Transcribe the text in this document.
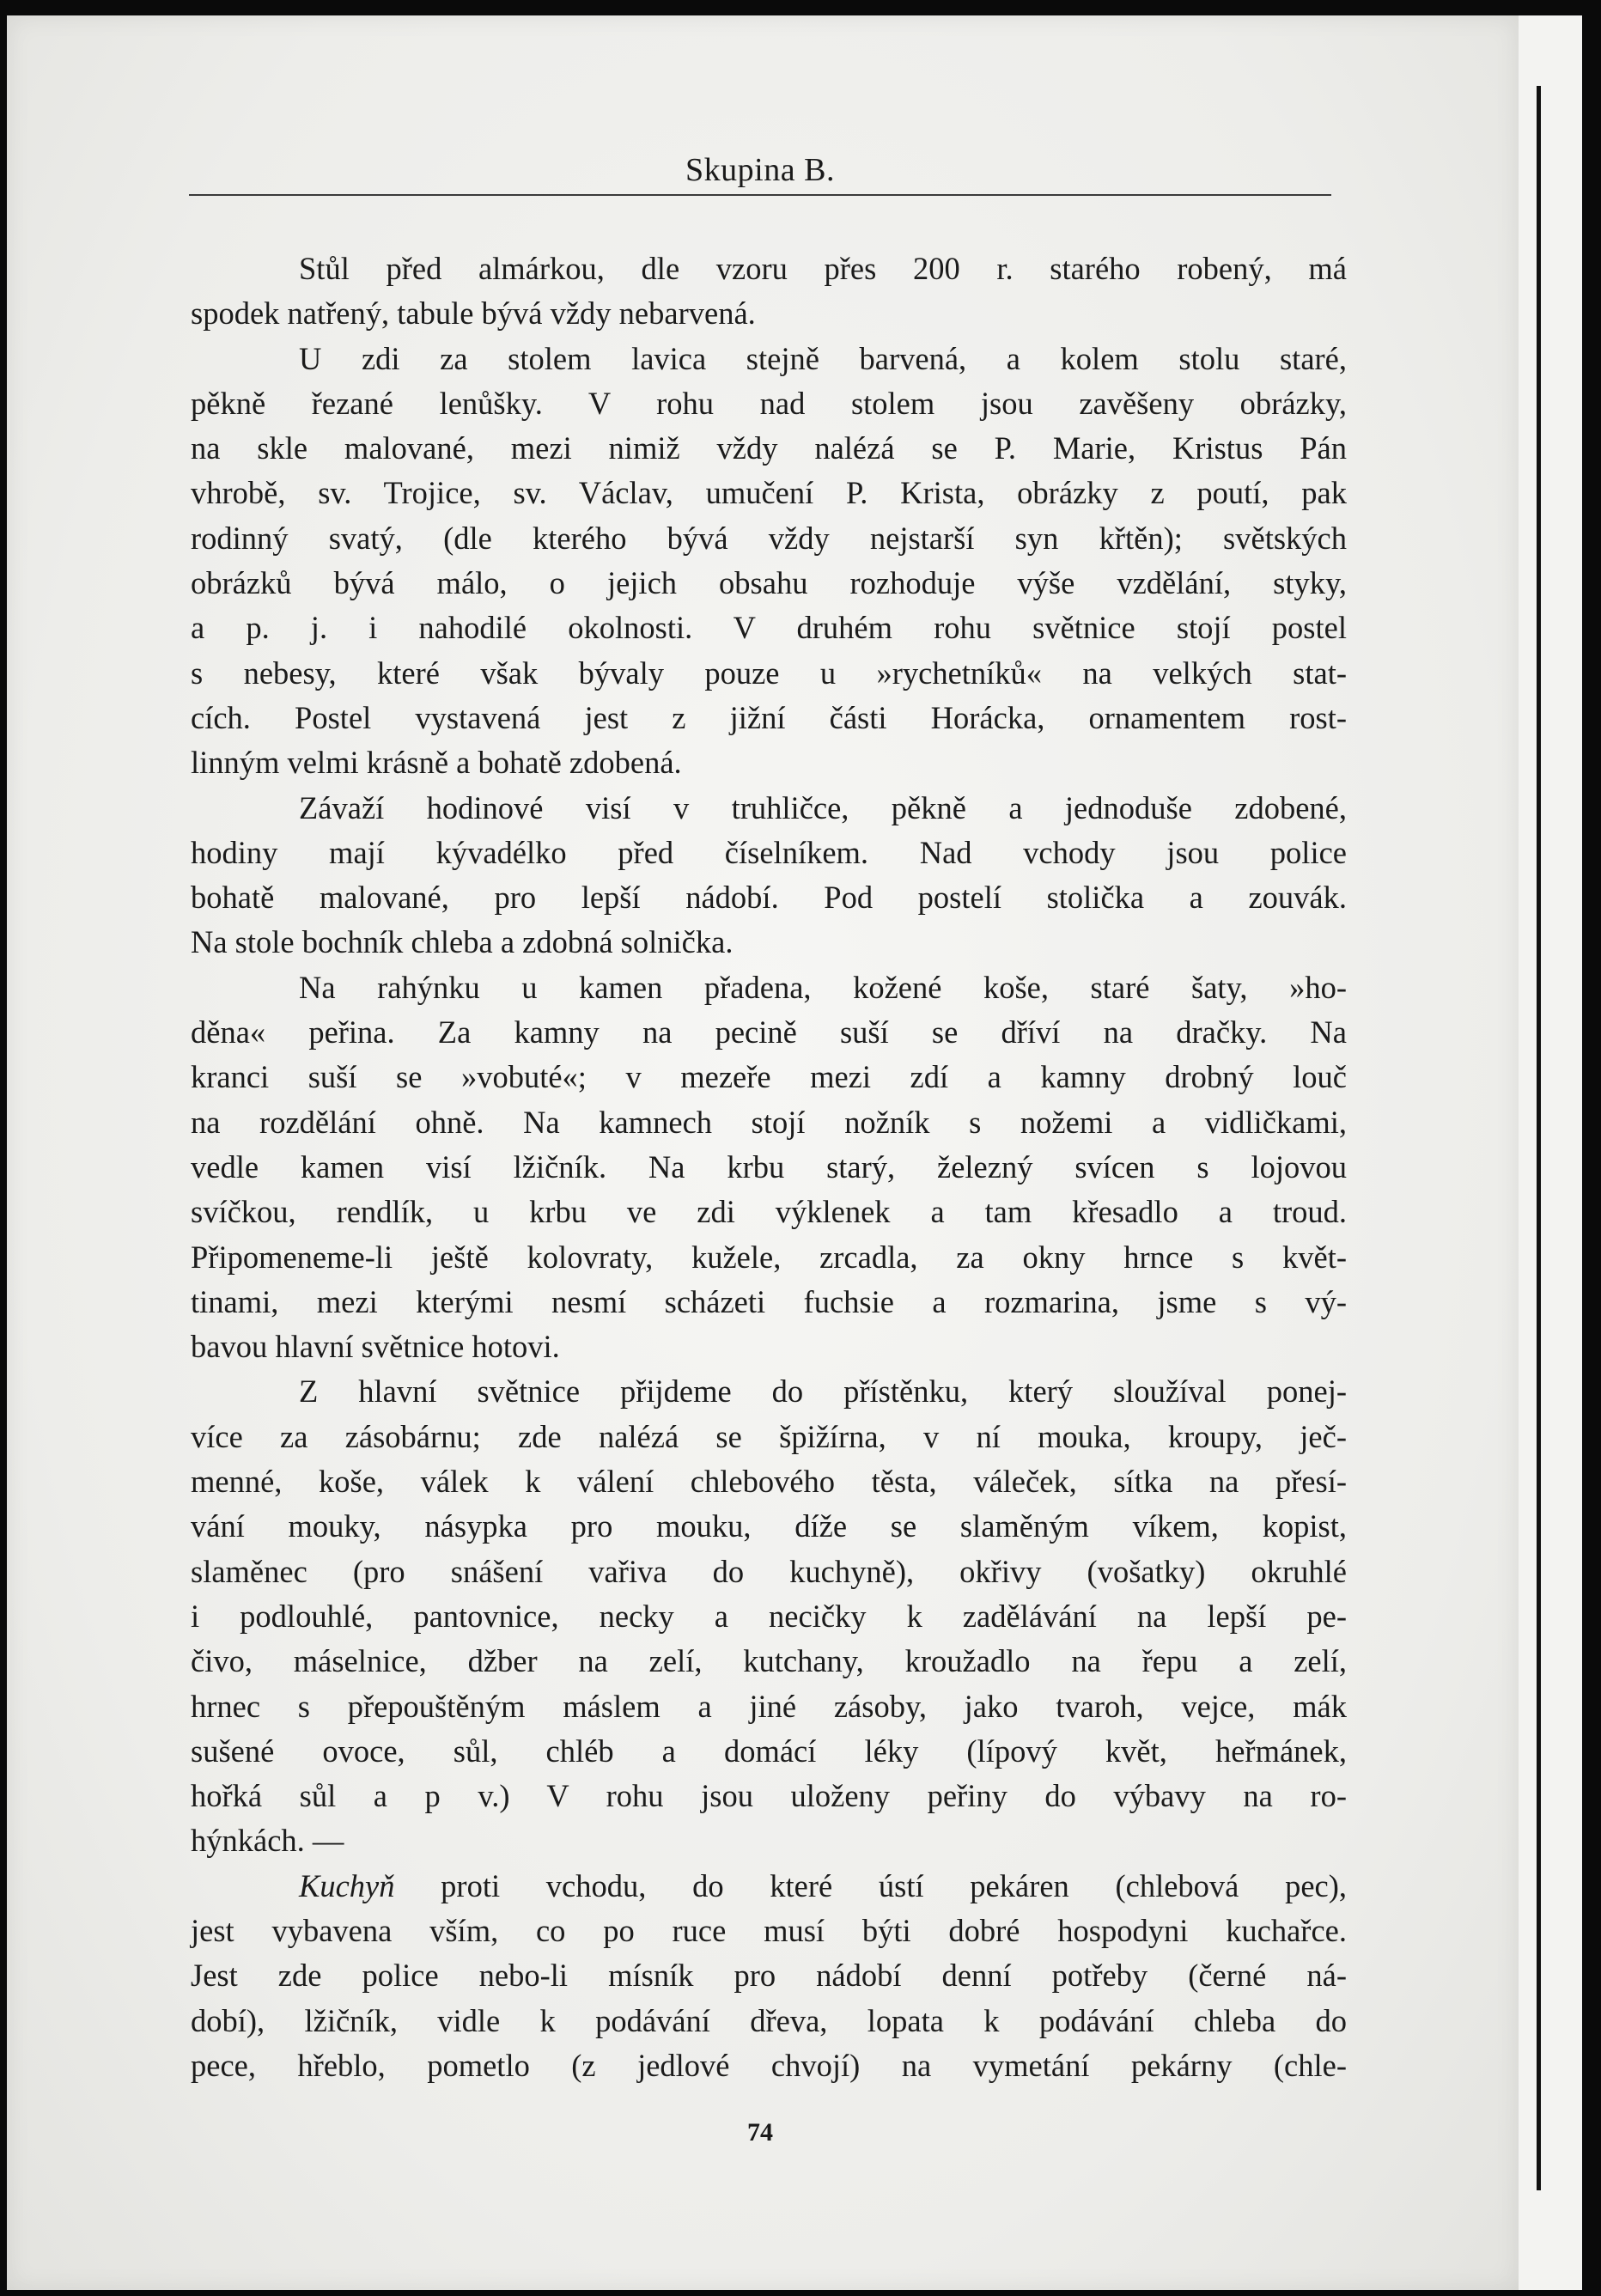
Skupina B.

Stůl před almárkou, dle vzoru přes 200 r. starého robený, má
spodek natřený, tabule bývá vždy nebarvená.

U zdi za stolem lavica stejně barvená, a kolem stolu staré,
pěkně řezané lenůšky. V rohu nad stolem jsou zavěšeny obrázky,
na skle malované, mezi nimiž vždy nalézá se P. Marie, Kristus Pán
vhrobě, sv. Trojice, sv. Václav, umučení P. Krista, obrázky z poutí, pak
rodinný svatý, (dle kterého bývá vždy nejstarší syn křtěn); světských
obrázků bývá málo, o jejich obsahu rozhoduje výše vzdělání, styky,
a p. j. i nahodilé okolnosti. V druhém rohu světnice stojí postel
s nebesy, které však bývaly pouze u »rychetníků« na velkých stat-
cích. Postel vystavená jest z jižní části Horácka, ornamentem rost-
linným velmi krásně a bohatě zdobená.

Závaží hodinové visí v truhličce, pěkně a jednoduše zdobené,
hodiny mají kývadélko před číselníkem. Nad vchody jsou police
bohatě malované, pro lepší nádobí. Pod postelí stolička a zouvák.
Na stole bochník chleba a zdobná solnička.

Na rahýnku u kamen přadena, kožené koše, staré šaty, »ho-
děna« peřina. Za kamny na pecině suší se dříví na dračky. Na
kranci suší se »vobuté«; v mezeře mezi zdí a kamny drobný louč
na rozdělání ohně. Na kamnech stojí nožník s nožemi a vidličkami,
vedle kamen visí lžičník. Na krbu starý, železný svícen s lojovou
svíčkou, rendlík, u krbu ve zdi výklenek a tam křesadlo a troud.
Připomeneme-li ještě kolovraty, kužele, zrcadla, za okny hrnce s květ-
tinami, mezi kterými nesmí scházeti fuchsie a rozmarina, jsme s vý-
bavou hlavní světnice hotovi.

Z hlavní světnice přijdeme do přístěnku, který sloužíval ponej-
více za zásobárnu; zde nalézá se špižírna, v ní mouka, kroupy, ječ-
menné, koše, válek k válení chlebového těsta, váleček, sítka na přesí-
vání mouky, násypka pro mouku, díže se slaměným víkem, kopist,
slaměnec (pro snášení vařiva do kuchyně), okřivy (vošatky) okruhlé
i podlouhlé, pantovnice, necky a necičky k zadělávání na lepší pe-
čivo, máselnice, džber na zelí, kutchany, kroužadlo na řepu a zelí,
hrnec s přepouštěným máslem a jiné zásoby, jako tvaroh, vejce, mák
sušené ovoce, sůl, chléb a domácí léky (lípový květ, heřmánek,
hořká sůl a p v.) V rohu jsou uloženy peřiny do výbavy na ro-
hýnkách. —

Kuchyň proti vchodu, do které ústí pekáren (chlebová pec),
jest vybavena vším, co po ruce musí býti dobré hospodyni kuchařce.
Jest zde police nebo-li mísník pro nádobí denní potřeby (černé ná-
dobí), lžičník, vidle k podávání dřeva, lopata k podávání chleba do
pece, hřeblo, pometlo (z jedlové chvojí) na vymetání pekárny (chle-

74
